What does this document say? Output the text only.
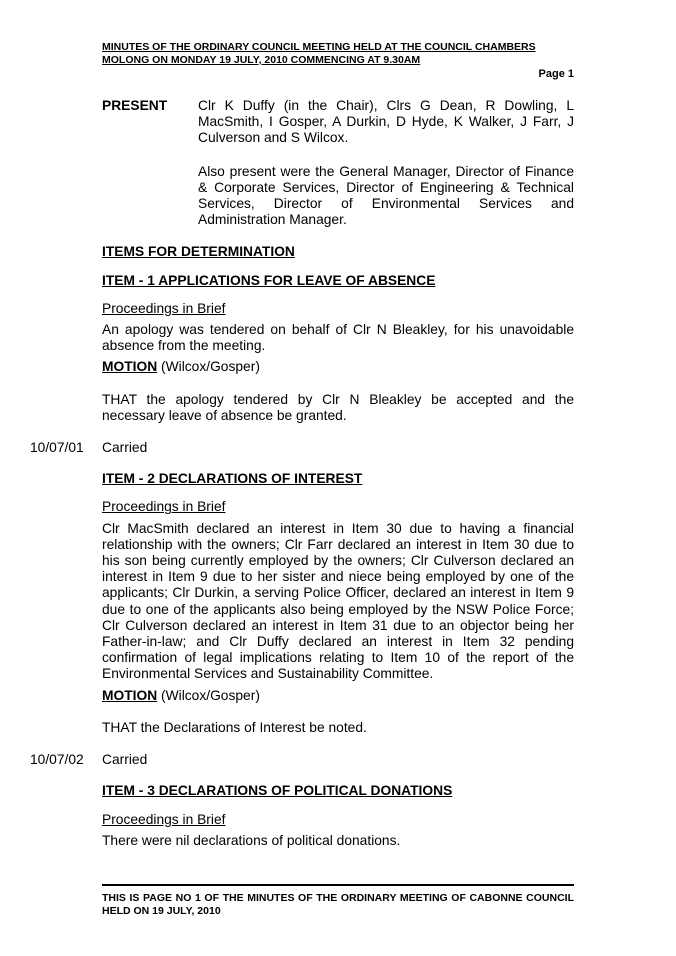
MINUTES OF THE ORDINARY COUNCIL MEETING HELD AT THE COUNCIL CHAMBERS
MOLONG ON MONDAY 19 JULY, 2010 COMMENCING AT 9.30AM
Page 1
PRESENT Clr K Duffy (in the Chair), Clrs G Dean, R Dowling, L MacSmith, I Gosper, A Durkin, D Hyde, K Walker, J Farr, J Culverson and S Wilcox.
Also present were the General Manager, Director of Finance & Corporate Services, Director of Engineering & Technical Services, Director of Environmental Services and Administration Manager.
ITEMS FOR DETERMINATION
ITEM - 1 APPLICATIONS FOR LEAVE OF ABSENCE
Proceedings in Brief
An apology was tendered on behalf of Clr N Bleakley, for his unavoidable absence from the meeting.
MOTION (Wilcox/Gosper)
THAT the apology tendered by Clr N Bleakley be accepted and the necessary leave of absence be granted.
10/07/01 Carried
ITEM - 2 DECLARATIONS OF INTEREST
Proceedings in Brief
Clr MacSmith declared an interest in Item 30 due to having a financial relationship with the owners; Clr Farr declared an interest in Item 30 due to his son being currently employed by the owners; Clr Culverson declared an interest in Item 9 due to her sister and niece being employed by one of the applicants; Clr Durkin, a serving Police Officer, declared an interest in Item 9 due to one of the applicants also being employed by the NSW Police Force; Clr Culverson declared an interest in Item 31 due to an objector being her Father-in-law; and Clr Duffy declared an interest in Item 32 pending confirmation of legal implications relating to Item 10 of the report of the Environmental Services and Sustainability Committee.
MOTION (Wilcox/Gosper)
THAT the Declarations of Interest be noted.
10/07/02 Carried
ITEM - 3 DECLARATIONS OF POLITICAL DONATIONS
Proceedings in Brief
There were nil declarations of political donations.
THIS IS PAGE NO 1 OF THE MINUTES OF THE ORDINARY MEETING OF CABONNE COUNCIL HELD ON 19 JULY, 2010
